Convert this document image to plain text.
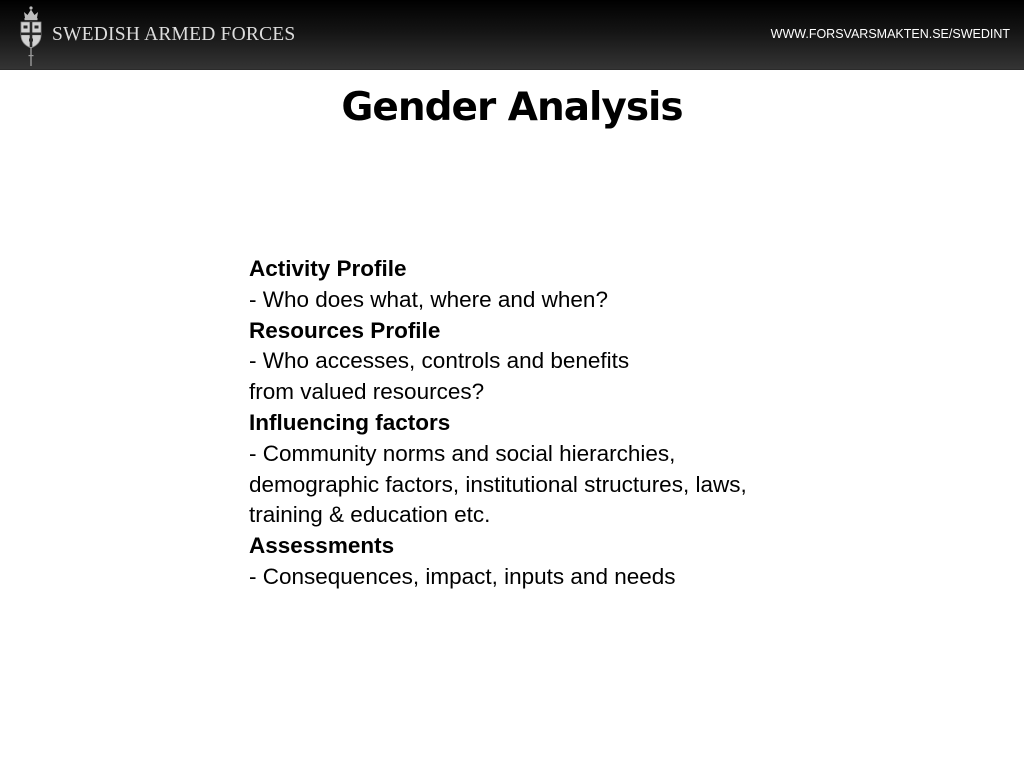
SWEDISH ARMED FORCES	WWW.FORSVARSMAKTEN.SE/SWEDINT
Gender Analysis
Activity Profile
- Who does what, where and when?
Resources Profile
- Who accesses, controls and benefits
from valued resources?
Influencing factors
- Community norms and social hierarchies,
demographic factors, institutional structures, laws,
training & education etc.
Assessments
- Consequences, impact, inputs and needs
